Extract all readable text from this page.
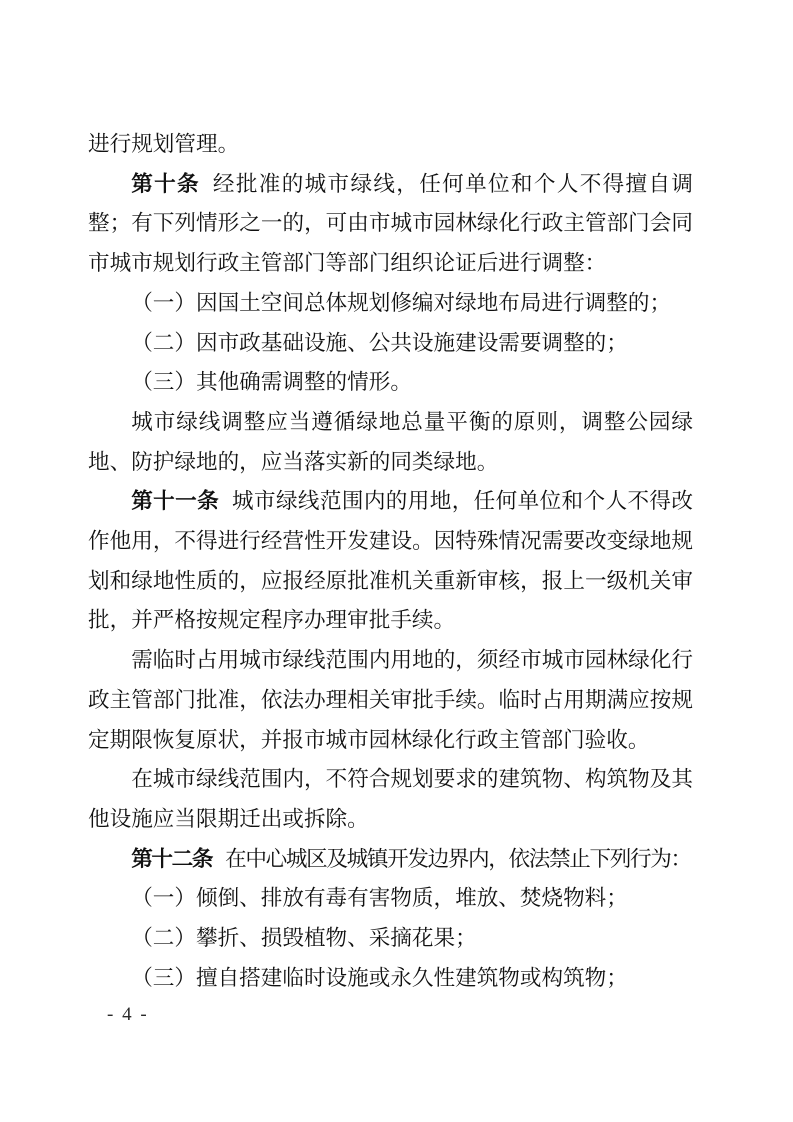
进行规划管理。

第十条 经批准的城市绿线，任何单位和个人不得擅自调整；有下列情形之一的，可由市城市园林绿化行政主管部门会同市城市规划行政主管部门等部门组织论证后进行调整：

（一）因国土空间总体规划修编对绿地布局进行调整的；

（二）因市政基础设施、公共设施建设需要调整的；

（三）其他确需调整的情形。

城市绿线调整应当遵循绿地总量平衡的原则，调整公园绿地、防护绿地的，应当落实新的同类绿地。

第十一条 城市绿线范围内的用地，任何单位和个人不得改作他用，不得进行经营性开发建设。因特殊情况需要改变绿地规划和绿地性质的，应报经原批准机关重新审核，报上一级机关审批，并严格按规定程序办理审批手续。

需临时占用城市绿线范围内用地的，须经市城市园林绿化行政主管部门批准，依法办理相关审批手续。临时占用期满应按规定期限恢复原状，并报市城市园林绿化行政主管部门验收。

在城市绿线范围内，不符合规划要求的建筑物、构筑物及其他设施应当限期迁出或拆除。

第十二条 在中心城区及城镇开发边界内，依法禁止下列行为：

（一）倾倒、排放有毒有害物质，堆放、焚烧物料；

（二）攀折、损毁植物、采摘花果；

（三）擅自搭建临时设施或永久性建筑物或构筑物；

- 4 -
